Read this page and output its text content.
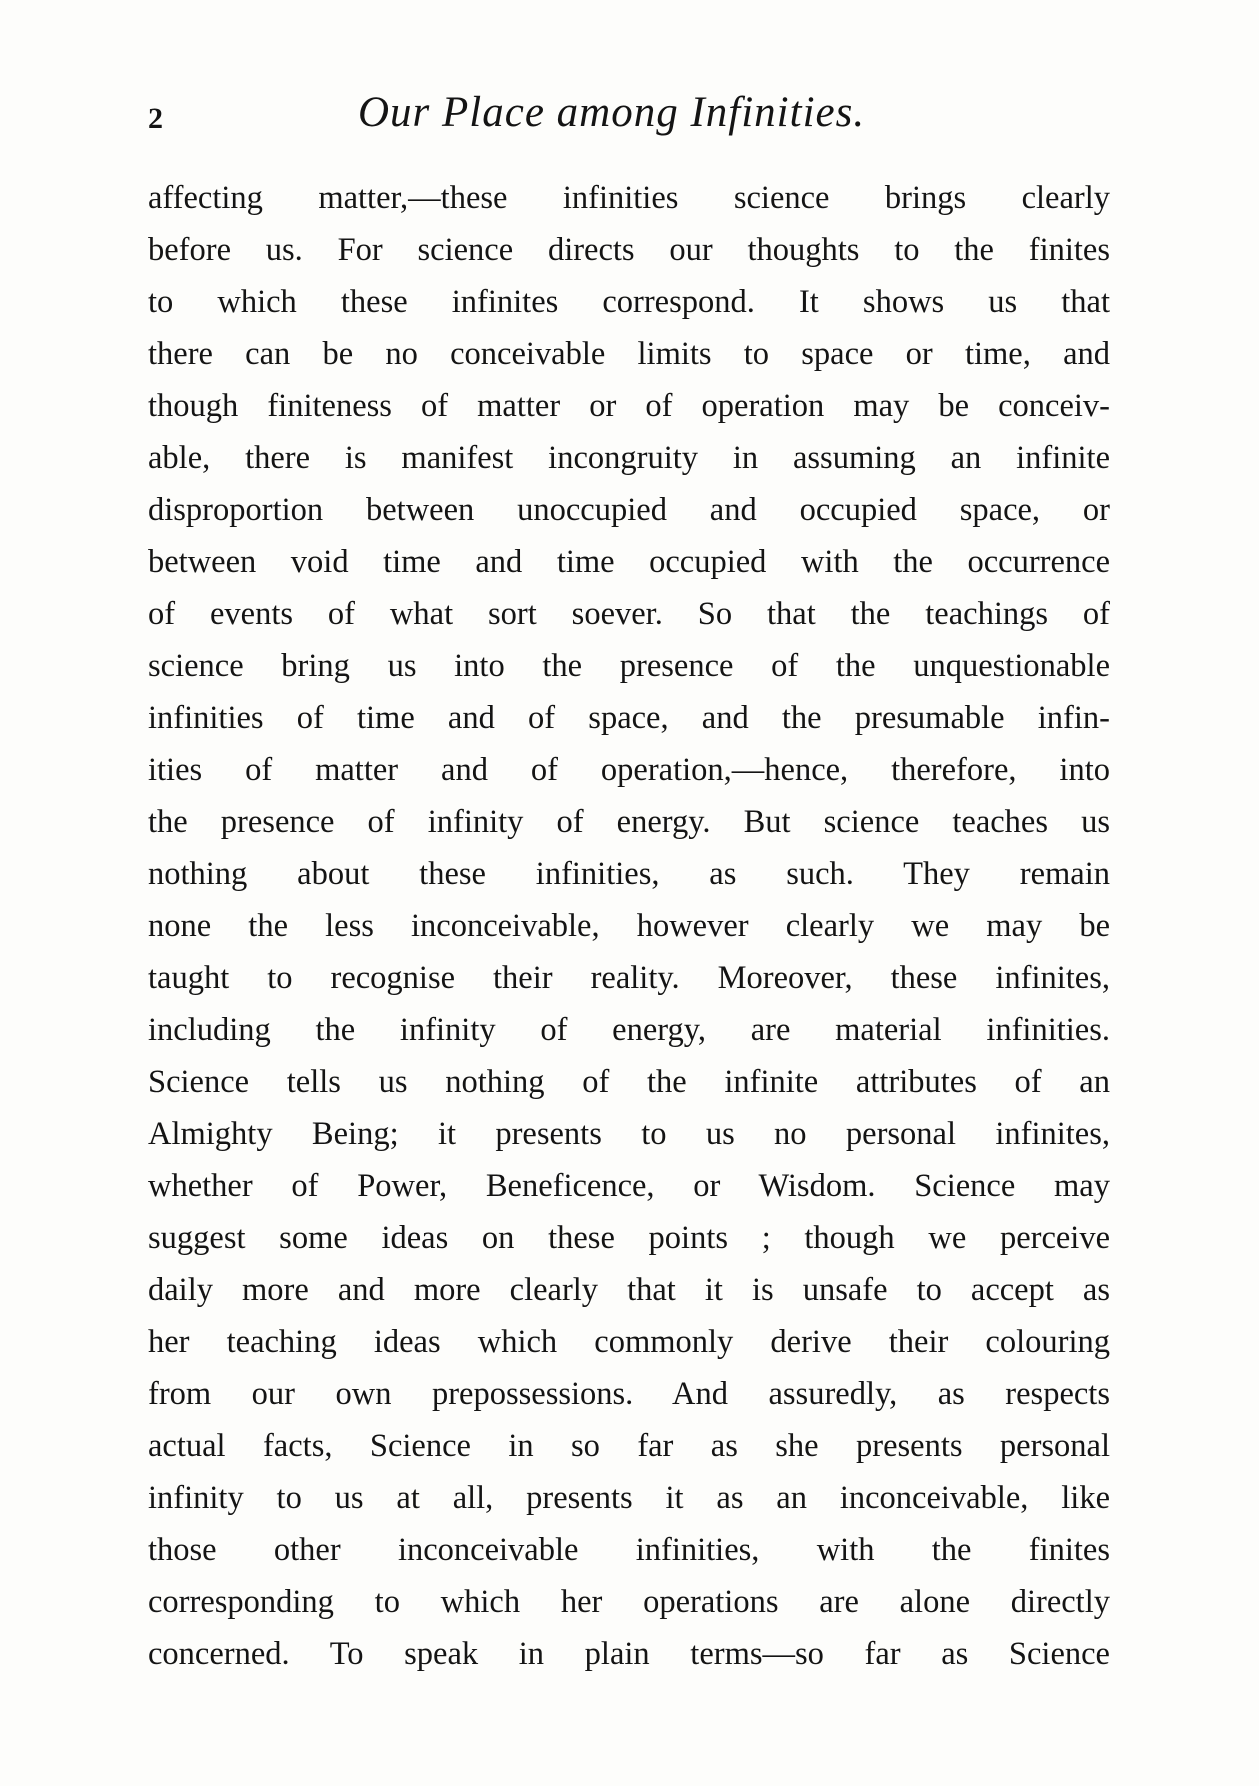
2	Our Place among Infinities.
affecting matter,—these infinities science brings clearly
before us. For science directs our thoughts to the finites
to which these infinites correspond. It shows us that
there can be no conceivable limits to space or time, and
though finiteness of matter or of operation may be conceiv-
able, there is manifest incongruity in assuming an infinite
disproportion between unoccupied and occupied space, or
between void time and time occupied with the occurrence
of events of what sort soever. So that the teachings of
science bring us into the presence of the unquestionable
infinities of time and of space, and the presumable infin-
ities of matter and of operation,—hence, therefore, into
the presence of infinity of energy. But science teaches us
nothing about these infinities, as such. They remain
none the less inconceivable, however clearly we may be
taught to recognise their reality. Moreover, these infinites,
including the infinity of energy, are material infinities.
Science tells us nothing of the infinite attributes of an
Almighty Being; it presents to us no personal infinites,
whether of Power, Beneficence, or Wisdom. Science may
suggest some ideas on these points ; though we perceive
daily more and more clearly that it is unsafe to accept as
her teaching ideas which commonly derive their colouring
from our own prepossessions. And assuredly, as respects
actual facts, Science in so far as she presents personal
infinity to us at all, presents it as an inconceivable, like
those other inconceivable infinities, with the finites
corresponding to which her operations are alone directly
concerned. To speak in plain terms—so far as Science
